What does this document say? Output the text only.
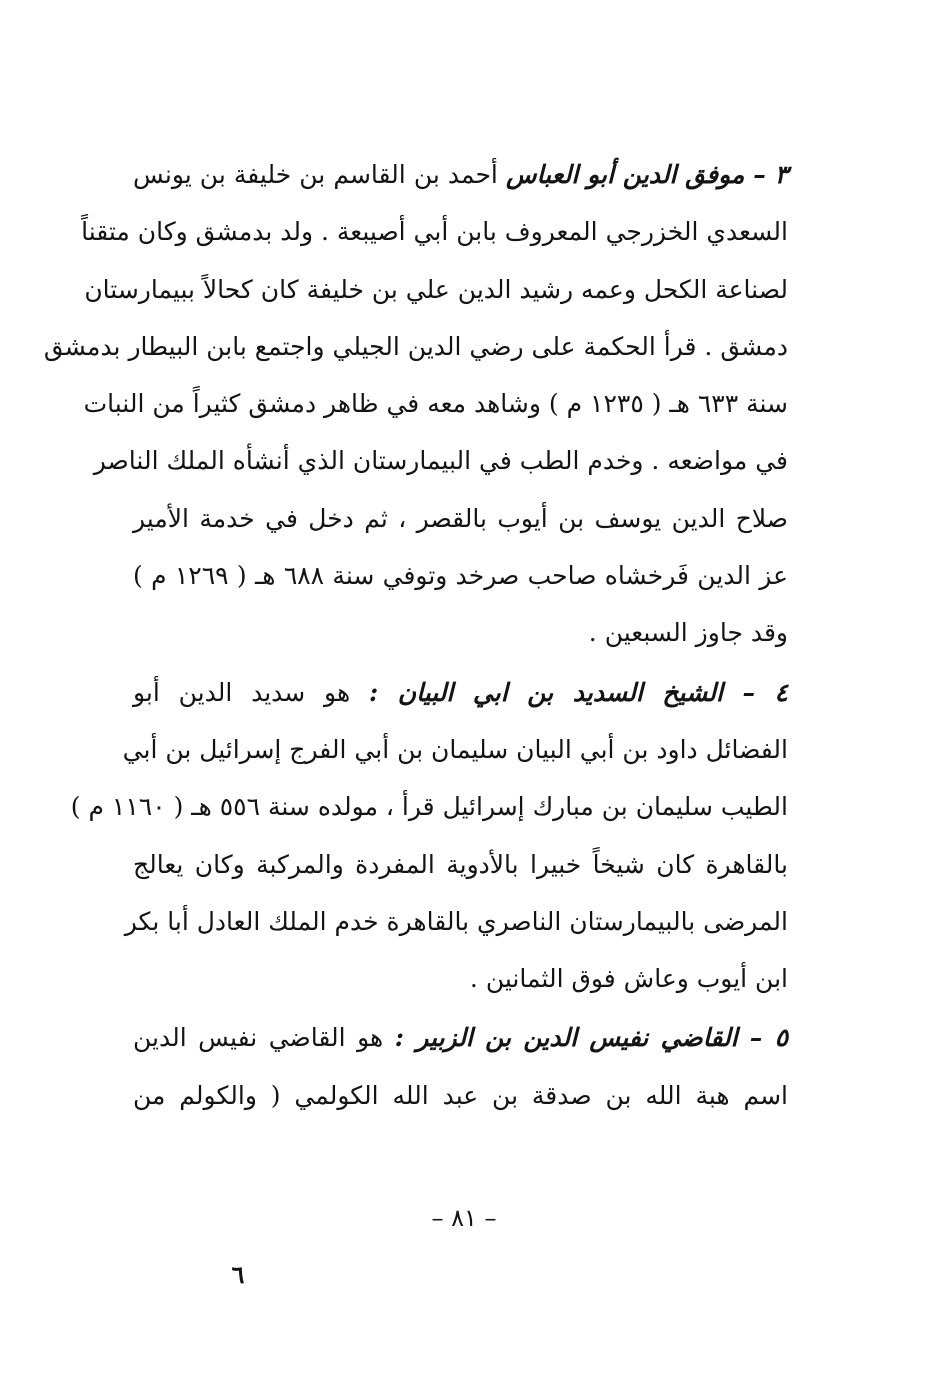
٣ – موفق الدين أبو العباس أحمد بن القاسم بن خليفة بن يونس
السعدي الخزرجي المعروف بابن أبي أصيبعة . ولد بدمشق وكان متقناً
لصناعة الكحل وعمه رشيد الدين علي بن خليفة كان كحالاً ببيمارستان
دمشق . قرأ الحكمة على رضي الدين الجيلي واجتمع بابن البيطار بدمشق
سنة ٦٣٣ هـ ( ١٢٣٥ م ) وشاهد معه في ظاهر دمشق كثيراً من النبات
في مواضعه . وخدم الطب في البيمارستان الذي أنشأه الملك الناصر
صلاح الدين يوسف بن أيوب بالقصر ، ثم دخل في خدمة الأمير
عز الدين فَرخشاه صاحب صرخد وتوفي سنة ٦٨٨ هـ ( ١٢٦٩ م )
وقد جاوز السبعين .
٤ – الشيخ السديد بن ابي البيان : هو سديد الدين أبو
الفضائل داود بن أبي البيان سليمان بن أبي الفرج إسرائيل بن أبي
الطيب سليمان بن مبارك إسرائيل قرأ ، مولده سنة ٥٥٦ هـ ( ١١٦٠ م )
بالقاهرة كان شيخاً خبيرا بالأدوية المفردة والمركبة وكان يعالج
المرضى بالبيمارستان الناصري بالقاهرة خدم الملك العادل أبا بكر
ابن أيوب وعاش فوق الثمانين .
٥ – القاضي نفيس الدين بن الزبير : هو القاضي نفيس الدين
اسم هبة الله بن صدقة بن عبد الله الكولمي ( والكولم من
– ٨١ –
٦
